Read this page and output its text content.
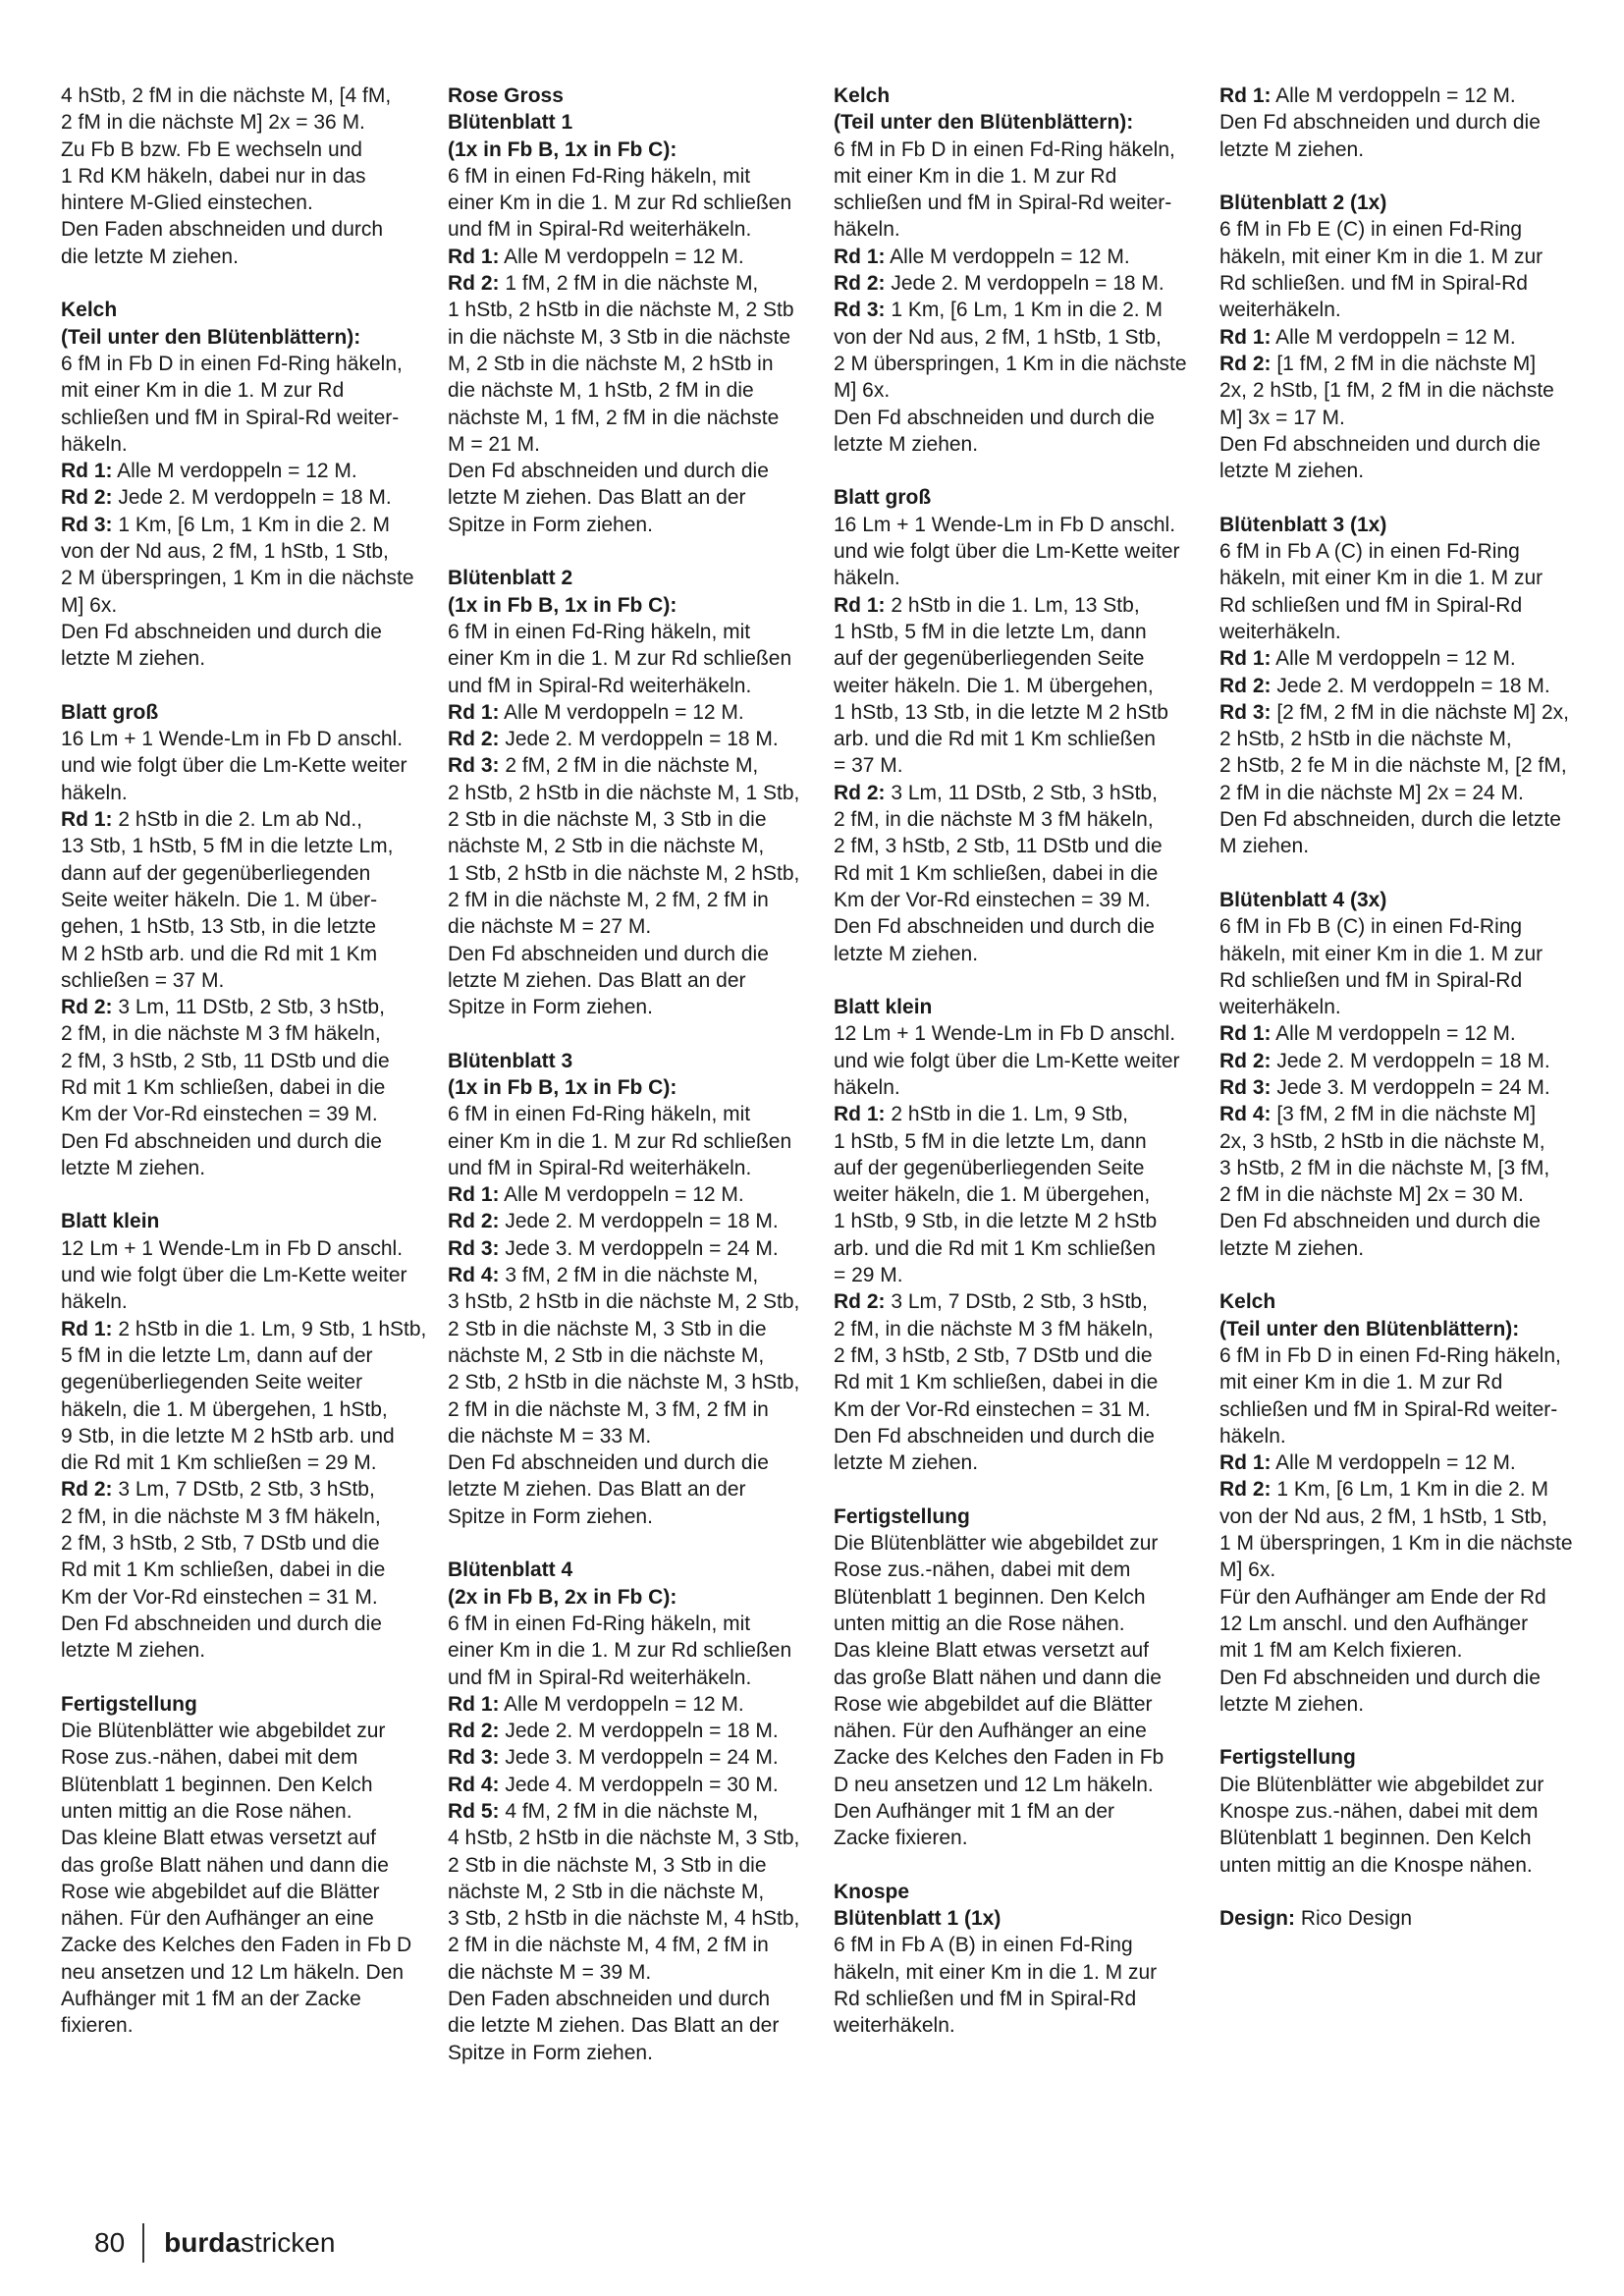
4 hStb, 2 fM in die nächste M, [4 fM,
2 fM in die nächste M] 2x = 36 M.
Zu Fb B bzw. Fb E wechseln und
1 Rd KM häkeln, dabei nur in das
hintere M-Glied einstechen.
Den Faden abschneiden und durch
die letzte M ziehen.
Kelch
(Teil unter den Blütenblättern):
6 fM in Fb D in einen Fd-Ring häkeln,
mit einer Km in die 1. M zur Rd
schließen und fM in Spiral-Rd weiter-
häkeln.
Rd 1: Alle M verdoppeln = 12 M.
Rd 2: Jede 2. M verdoppeln = 18 M.
Rd 3: 1 Km, [6 Lm, 1 Km in die 2. M
von der Nd aus, 2 fM, 1 hStb, 1 Stb,
2 M überspringen, 1 Km in die nächste
M] 6x.
Den Fd abschneiden und durch die
letzte M ziehen.
Blatt groß
16 Lm + 1 Wende-Lm in Fb D anschl.
und wie folgt über die Lm-Kette weiter
häkeln.
Rd 1: 2 hStb in die 2. Lm ab Nd.,
13 Stb, 1 hStb, 5 fM in die letzte Lm,
dann auf der gegenüberliegenden
Seite weiter häkeln. Die 1. M über-
gehen, 1 hStb, 13 Stb, in die letzte
M 2 hStb arb. und die Rd mit 1 Km
schließen = 37 M.
Rd 2: 3 Lm, 11 DStb, 2 Stb, 3 hStb,
2 fM, in die nächste M 3 fM häkeln,
2 fM, 3 hStb, 2 Stb, 11 DStb und die
Rd mit 1 Km schließen, dabei in die
Km der Vor-Rd einstechen = 39 M.
Den Fd abschneiden und durch die
letzte M ziehen.
Blatt klein
12 Lm + 1 Wende-Lm in Fb D anschl.
und wie folgt über die Lm-Kette weiter
häkeln.
Rd 1: 2 hStb in die 1. Lm, 9 Stb, 1 hStb,
5 fM in die letzte Lm, dann auf der
gegenüberliegenden Seite weiter
häkeln, die 1. M übergehen, 1 hStb,
9 Stb, in die letzte M 2 hStb arb. und
die Rd mit 1 Km schließen = 29 M.
Rd 2: 3 Lm, 7 DStb, 2 Stb, 3 hStb,
2 fM, in die nächste M 3 fM häkeln,
2 fM, 3 hStb, 2 Stb, 7 DStb und die
Rd mit 1 Km schließen, dabei in die
Km der Vor-Rd einstechen = 31 M.
Den Fd abschneiden und durch die
letzte M ziehen.
Fertigstellung
Die Blütenblätter wie abgebildet zur
Rose zus.-nähen, dabei mit dem
Blütenblatt 1 beginnen. Den Kelch
unten mittig an die Rose nähen.
Das kleine Blatt etwas versetzt auf
das große Blatt nähen und dann die
Rose wie abgebildet auf die Blätter
nähen. Für den Aufhänger an eine
Zacke des Kelches den Faden in Fb D
neu ansetzen und 12 Lm häkeln. Den
Aufhänger mit 1 fM an der Zacke
fixieren.
Rose Gross
Blütenblatt 1
(1x in Fb B, 1x in Fb C):
6 fM in einen Fd-Ring häkeln, mit
einer Km in die 1. M zur Rd schließen
und fM in Spiral-Rd weiterhäkeln.
Rd 1: Alle M verdoppeln = 12 M.
Rd 2: 1 fM, 2 fM in die nächste M,
1 hStb, 2 hStb in die nächste M, 2 Stb
in die nächste M, 3 Stb in die nächste
M, 2 Stb in die nächste M, 2 hStb in
die nächste M, 1 hStb, 2 fM in die
nächste M, 1 fM, 2 fM in die nächste
M = 21 M.
Den Fd abschneiden und durch die
letzte M ziehen. Das Blatt an der
Spitze in Form ziehen.
Blütenblatt 2
(1x in Fb B, 1x in Fb C):
6 fM in einen Fd-Ring häkeln, mit
einer Km in die 1. M zur Rd schließen
und fM in Spiral-Rd weiterhäkeln.
Rd 1: Alle M verdoppeln = 12 M.
Rd 2: Jede 2. M verdoppeln = 18 M.
Rd 3: 2 fM, 2 fM in die nächste M,
2 hStb, 2 hStb in die nächste M, 1 Stb,
2 Stb in die nächste M, 3 Stb in die
nächste M, 2 Stb in die nächste M,
1 Stb, 2 hStb in die nächste M, 2 hStb,
2 fM in die nächste M, 2 fM, 2 fM in
die nächste M = 27 M.
Den Fd abschneiden und durch die
letzte M ziehen. Das Blatt an der
Spitze in Form ziehen.
Blütenblatt 3
(1x in Fb B, 1x in Fb C):
6 fM in einen Fd-Ring häkeln, mit
einer Km in die 1. M zur Rd schließen
und fM in Spiral-Rd weiterhäkeln.
Rd 1: Alle M verdoppeln = 12 M.
Rd 2: Jede 2. M verdoppeln = 18 M.
Rd 3: Jede 3. M verdoppeln = 24 M.
Rd 4: 3 fM, 2 fM in die nächste M,
3 hStb, 2 hStb in die nächste M, 2 Stb,
2 Stb in die nächste M, 3 Stb in die
nächste M, 2 Stb in die nächste M,
2 Stb, 2 hStb in die nächste M, 3 hStb,
2 fM in die nächste M, 3 fM, 2 fM in
die nächste M = 33 M.
Den Fd abschneiden und durch die
letzte M ziehen. Das Blatt an der
Spitze in Form ziehen.
Blütenblatt 4
(2x in Fb B, 2x in Fb C):
6 fM in einen Fd-Ring häkeln, mit
einer Km in die 1. M zur Rd schließen
und fM in Spiral-Rd weiterhäkeln.
Rd 1: Alle M verdoppeln = 12 M.
Rd 2: Jede 2. M verdoppeln = 18 M.
Rd 3: Jede 3. M verdoppeln = 24 M.
Rd 4: Jede 4. M verdoppeln = 30 M.
Rd 5: 4 fM, 2 fM in die nächste M,
4 hStb, 2 hStb in die nächste M, 3 Stb,
2 Stb in die nächste M, 3 Stb in die
nächste M, 2 Stb in die nächste M,
3 Stb, 2 hStb in die nächste M, 4 hStb,
2 fM in die nächste M, 4 fM, 2 fM in
die nächste M = 39 M.
Den Faden abschneiden und durch
die letzte M ziehen. Das Blatt an der
Spitze in Form ziehen.
Kelch
(Teil unter den Blütenblättern):
6 fM in Fb D in einen Fd-Ring häkeln,
mit einer Km in die 1. M zur Rd
schließen und fM in Spiral-Rd weiter-
häkeln.
Rd 1: Alle M verdoppeln = 12 M.
Rd 2: Jede 2. M verdoppeln = 18 M.
Rd 3: 1 Km, [6 Lm, 1 Km in die 2. M
von der Nd aus, 2 fM, 1 hStb, 1 Stb,
2 M überspringen, 1 Km in die nächste
M] 6x.
Den Fd abschneiden und durch die
letzte M ziehen.
Blatt groß
16 Lm + 1 Wende-Lm in Fb D anschl.
und wie folgt über die Lm-Kette weiter
häkeln.
Rd 1: 2 hStb in die 1. Lm, 13 Stb,
1 hStb, 5 fM in die letzte Lm, dann
auf der gegenüberliegenden Seite
weiter häkeln. Die 1. M übergehen,
1 hStb, 13 Stb, in die letzte M 2 hStb
arb. und die Rd mit 1 Km schließen
= 37 M.
Rd 2: 3 Lm, 11 DStb, 2 Stb, 3 hStb,
2 fM, in die nächste M 3 fM häkeln,
2 fM, 3 hStb, 2 Stb, 11 DStb und die
Rd mit 1 Km schließen, dabei in die
Km der Vor-Rd einstechen = 39 M.
Den Fd abschneiden und durch die
letzte M ziehen.
Blatt klein
12 Lm + 1 Wende-Lm in Fb D anschl.
und wie folgt über die Lm-Kette weiter
häkeln.
Rd 1: 2 hStb in die 1. Lm, 9 Stb,
1 hStb, 5 fM in die letzte Lm, dann
auf der gegenüberliegenden Seite
weiter häkeln, die 1. M übergehen,
1 hStb, 9 Stb, in die letzte M 2 hStb
arb. und die Rd mit 1 Km schließen
= 29 M.
Rd 2: 3 Lm, 7 DStb, 2 Stb, 3 hStb,
2 fM, in die nächste M 3 fM häkeln,
2 fM, 3 hStb, 2 Stb, 7 DStb und die
Rd mit 1 Km schließen, dabei in die
Km der Vor-Rd einstechen = 31 M.
Den Fd abschneiden und durch die
letzte M ziehen.
Fertigstellung
Die Blütenblätter wie abgebildet zur
Rose zus.-nähen, dabei mit dem
Blütenblatt 1 beginnen. Den Kelch
unten mittig an die Rose nähen.
Das kleine Blatt etwas versetzt auf
das große Blatt nähen und dann die
Rose wie abgebildet auf die Blätter
nähen. Für den Aufhänger an eine
Zacke des Kelches den Faden in Fb
D neu ansetzen und 12 Lm häkeln.
Den Aufhänger mit 1 fM an der
Zacke fixieren.
Knospe
Blütenblatt 1 (1x)
6 fM in Fb A (B) in einen Fd-Ring
häkeln, mit einer Km in die 1. M zur
Rd schließen und fM in Spiral-Rd
weiterhäkeln.
Rd 1: Alle M verdoppeln = 12 M.
Den Fd abschneiden und durch die
letzte M ziehen.
Blütenblatt 2 (1x)
6 fM in Fb E (C) in einen Fd-Ring
häkeln, mit einer Km in die 1. M zur
Rd schließen. und fM in Spiral-Rd
weiterhäkeln.
Rd 1: Alle M verdoppeln = 12 M.
Rd 2: [1 fM, 2 fM in die nächste M]
2x, 2 hStb, [1 fM, 2 fM in die nächste
M] 3x = 17 M.
Den Fd abschneiden und durch die
letzte M ziehen.
Blütenblatt 3 (1x)
6 fM in Fb A (C) in einen Fd-Ring
häkeln, mit einer Km in die 1. M zur
Rd schließen und fM in Spiral-Rd
weiterhäkeln.
Rd 1: Alle M verdoppeln = 12 M.
Rd 2: Jede 2. M verdoppeln = 18 M.
Rd 3: [2 fM, 2 fM in die nächste M] 2x,
2 hStb, 2 hStb in die nächste M,
2 hStb, 2 fe M in die nächste M, [2 fM,
2 fM in die nächste M] 2x = 24 M.
Den Fd abschneiden, durch die letzte
M ziehen.
Blütenblatt 4 (3x)
6 fM in Fb B (C) in einen Fd-Ring
häkeln, mit einer Km in die 1. M zur
Rd schließen und fM in Spiral-Rd
weiterhäkeln.
Rd 1: Alle M verdoppeln = 12 M.
Rd 2: Jede 2. M verdoppeln = 18 M.
Rd 3: Jede 3. M verdoppeln = 24 M.
Rd 4: [3 fM, 2 fM in die nächste M]
2x, 3 hStb, 2 hStb in die nächste M,
3 hStb, 2 fM in die nächste M, [3 fM,
2 fM in die nächste M] 2x = 30 M.
Den Fd abschneiden und durch die
letzte M ziehen.
Kelch
(Teil unter den Blütenblättern):
6 fM in Fb D in einen Fd-Ring häkeln,
mit einer Km in die 1. M zur Rd
schließen und fM in Spiral-Rd weiter-
häkeln.
Rd 1: Alle M verdoppeln = 12 M.
Rd 2: 1 Km, [6 Lm, 1 Km in die 2. M
von der Nd aus, 2 fM, 1 hStb, 1 Stb,
1 M überspringen, 1 Km in die nächste
M] 6x.
Für den Aufhänger am Ende der Rd
12 Lm anschl. und den Aufhänger
mit 1 fM am Kelch fixieren.
Den Fd abschneiden und durch die
letzte M ziehen.
Fertigstellung
Die Blütenblätter wie abgebildet zur
Knospe zus.-nähen, dabei mit dem
Blütenblatt 1 beginnen. Den Kelch
unten mittig an die Knospe nähen.
Design: Rico Design
80 burdastricken
